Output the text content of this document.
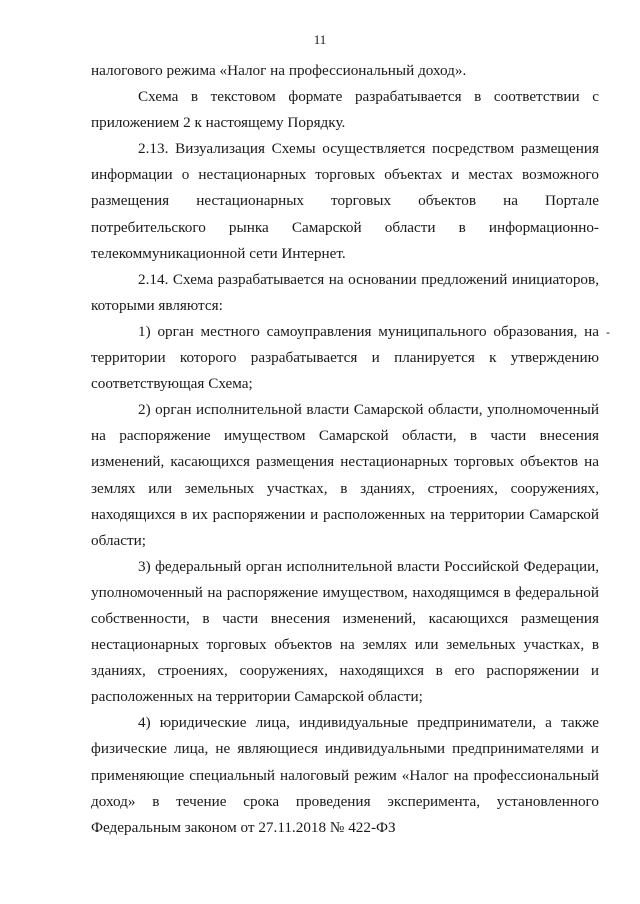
11

налогового режима «Налог на профессиональный доход».

Схема в текстовом формате разрабатывается в соответствии с приложением 2 к настоящему Порядку.

2.13. Визуализация Схемы осуществляется посредством размещения информации о нестационарных торговых объектах и местах возможного размещения нестационарных торговых объектов на Портале потребительского рынка Самарской области в информационно-телекоммуникационной сети Интернет.

2.14. Схема разрабатывается на основании предложений инициаторов, которыми являются:

1) орган местного самоуправления муниципального образования, на территории которого разрабатывается и планируется к утверждению соответствующая Схема;

2) орган исполнительной власти Самарской области, уполномоченный на распоряжение имуществом Самарской области, в части внесения изменений, касающихся размещения нестационарных торговых объектов на землях или земельных участках, в зданиях, строениях, сооружениях, находящихся в их распоряжении и расположенных на территории Самарской области;

3) федеральный орган исполнительной власти Российской Федерации, уполномоченный на распоряжение имуществом, находящимся в федеральной собственности, в части внесения изменений, касающихся размещения нестационарных торговых объектов на землях или земельных участках, в зданиях, строениях, сооружениях, находящихся в его распоряжении и расположенных на территории Самарской области;

4) юридические лица, индивидуальные предприниматели, а также физические лица, не являющиеся индивидуальными предпринимателями и применяющие специальный налоговый режим «Налог на профессиональный доход» в течение срока проведения эксперимента, установленного Федеральным законом от 27.11.2018 № 422-ФЗ

-
